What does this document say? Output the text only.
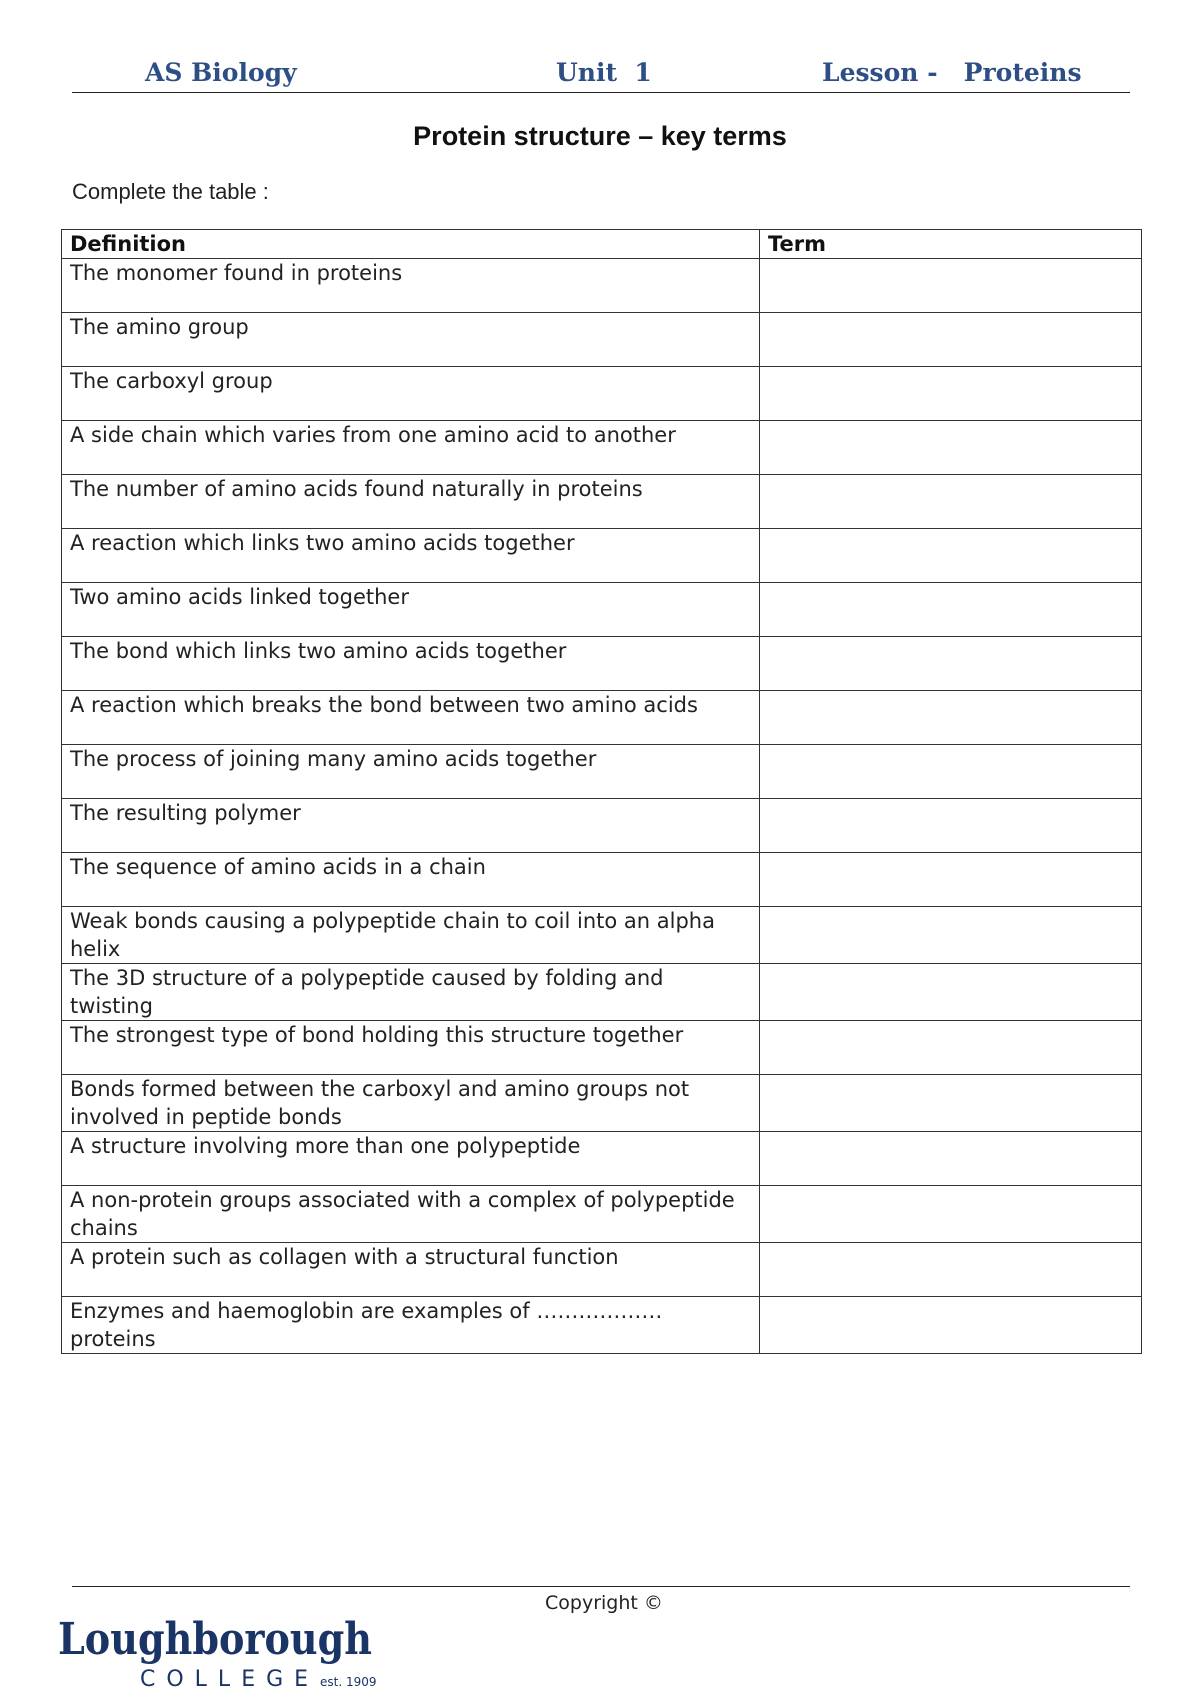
AS Biology	Unit  1	Lesson -   Proteins
Protein structure – key terms
Complete the table :
Definition	Term
The monomer found in proteins	
The amino group	
The carboxyl group	
A side chain which varies from one amino acid to another	
The number of amino acids found naturally in proteins	
A reaction which links two amino acids together	
Two amino acids linked together	
The bond which links two amino acids together	
A reaction which breaks the bond between two amino acids	
The process of joining many amino acids together	
The resulting polymer	
The sequence of amino acids in a chain	
Weak bonds causing a polypeptide chain to coil into an alpha helix	
The 3D structure of a polypeptide caused by folding and twisting	
The strongest type of bond holding this structure together	
Bonds formed between the carboxyl and amino groups not involved in peptide bonds	
A structure involving more than one polypeptide	
A non-protein groups associated with a complex of polypeptide chains	
A protein such as collagen with a structural function	
Enzymes and haemoglobin are examples of ……………… proteins	
Copyright ©
Loughborough
COLLEGE est. 1909
